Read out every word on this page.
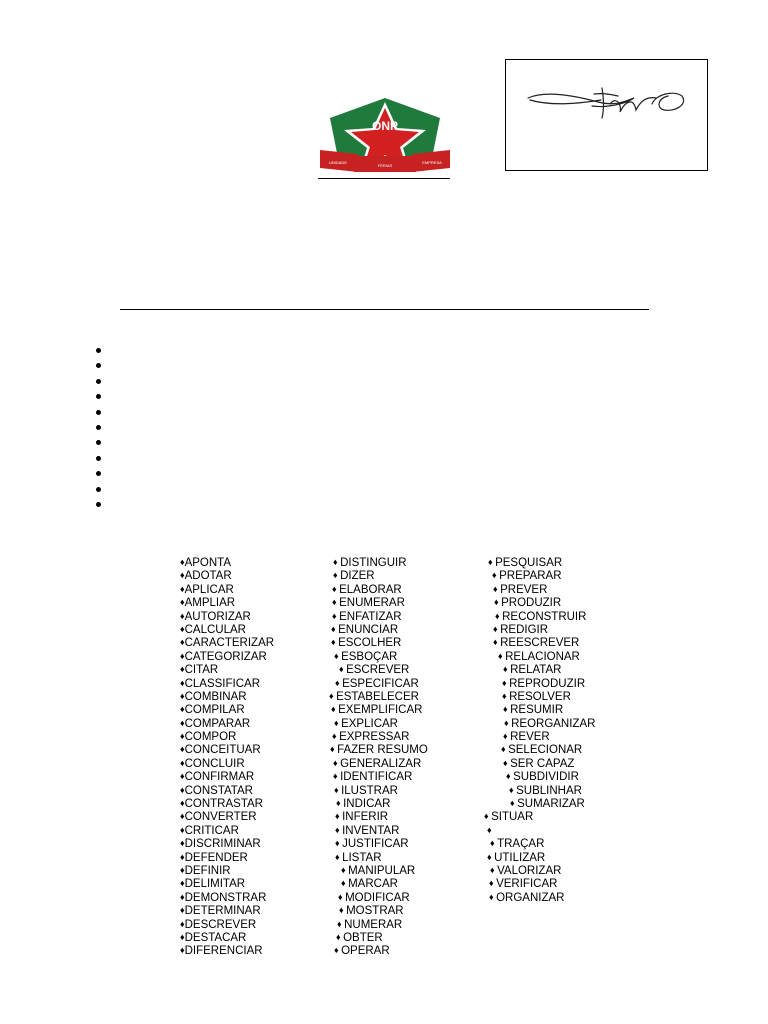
ONP
UNIDADE
FÉRIAS
EMPRESA
♦APONTA
♦ADOTAR
♦APLICAR
♦AMPLIAR
♦AUTORIZAR
♦CALCULAR
♦CARACTERIZAR
♦CATEGORIZAR
♦CITAR
♦CLASSIFICAR
♦COMBINAR
♦COMPILAR
♦COMPARAR
♦COMPOR
♦CONCEITUAR
♦CONCLUIR
♦CONFIRMAR
♦CONSTATAR
♦CONTRASTAR
♦CONVERTER
♦CRITICAR
♦DISCRIMINAR
♦DEFENDER
♦DEFINIR
♦DELIMITAR
♦DEMONSTRAR
♦DETERMINAR
♦DESCREVER
♦DESTACAR
♦DIFERENCIAR
♦ DISTINGUIR
♦ DIZER
♦ ELABORAR
♦ ENUMERAR
♦ ENFATIZAR
♦ ENUNCIAR
♦ ESCOLHER
♦ ESBOÇAR
♦ ESCREVER
♦ ESPECIFICAR
♦ ESTABELECER
♦ EXEMPLIFICAR
♦ EXPLICAR
♦ EXPRESSAR
♦ FAZER RESUMO
♦ GENERALIZAR
♦ IDENTIFICAR
♦ ILUSTRAR
♦ INDICAR
♦ INFERIR
♦ INVENTAR
♦ JUSTIFICAR
♦ LISTAR
♦ MANIPULAR
♦ MARCAR
♦ MODIFICAR
♦ MOSTRAR
♦ NUMERAR
♦ OBTER
♦ OPERAR
♦ PESQUISAR
♦ PREPARAR
♦ PREVER
♦ PRODUZIR
♦ RECONSTRUIR
♦ REDIGIR
♦ REESCREVER
♦ RELACIONAR
♦ RELATAR
♦ REPRODUZIR
♦ RESOLVER
♦ RESUMIR
♦ REORGANIZAR
♦ REVER
♦ SELECIONAR
♦ SER CAPAZ
♦ SUBDIVIDIR
♦ SUBLINHAR
♦ SUMARIZAR
♦ SITUAR
♦
♦ TRAÇAR
♦ UTILIZAR
♦ VALORIZAR
♦ VERIFICAR
♦ ORGANIZAR
